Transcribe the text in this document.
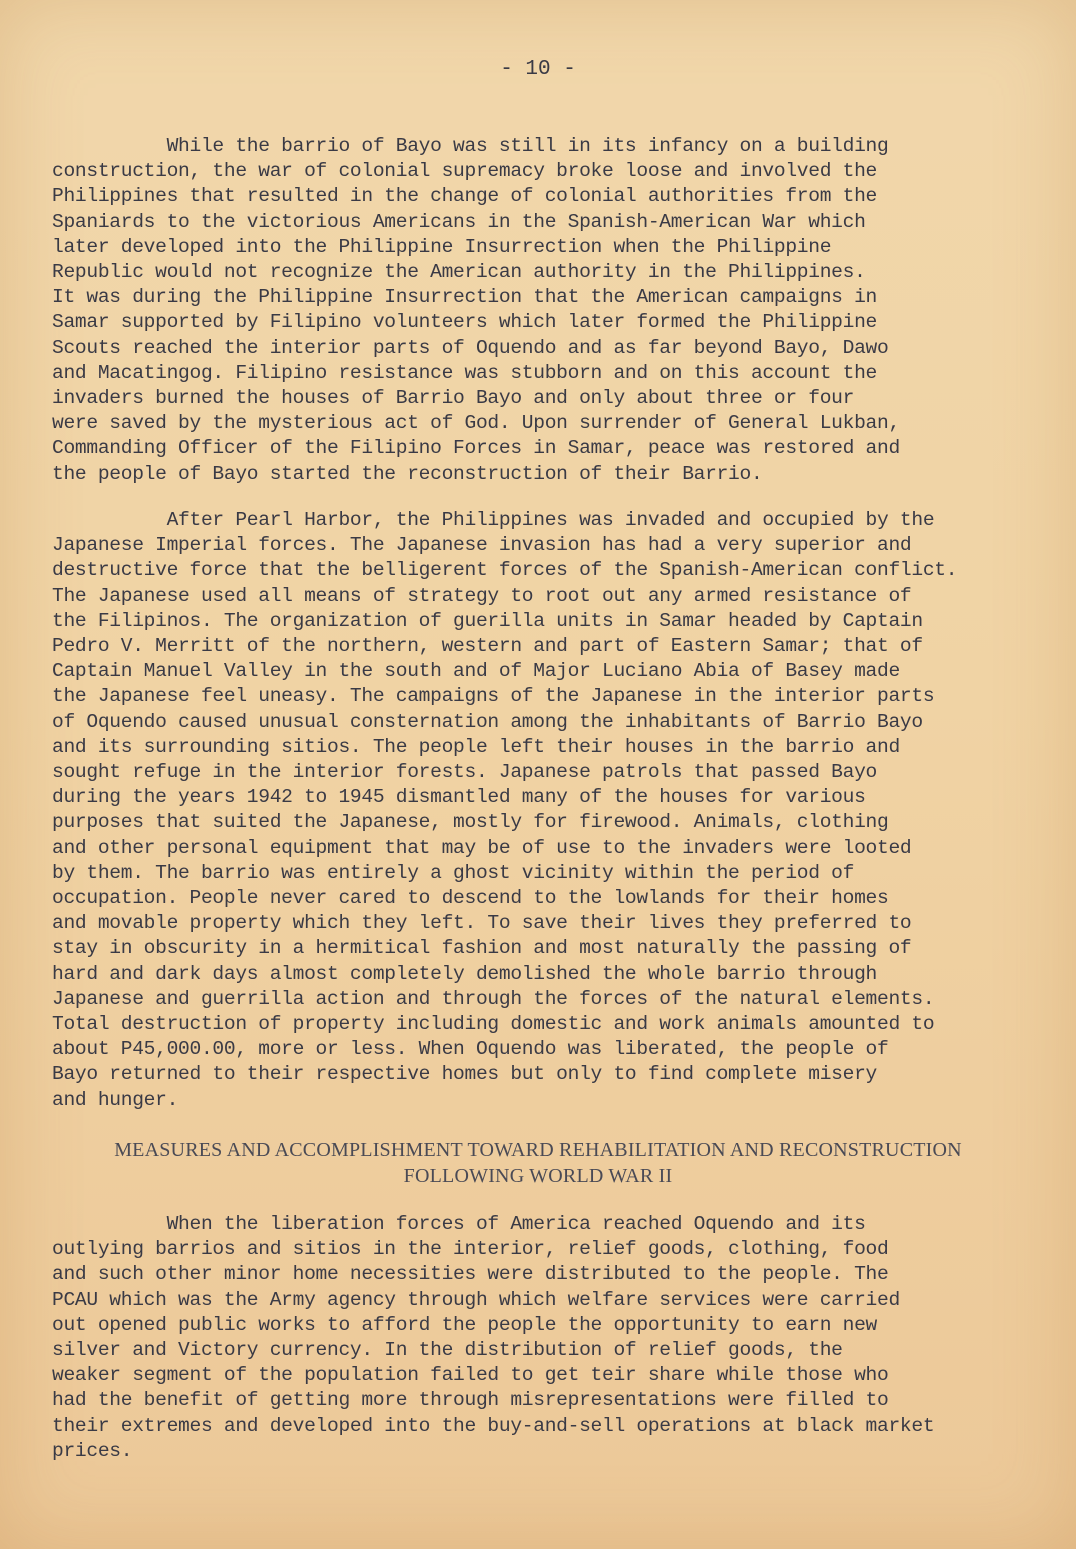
- 10 -

While the barrio of Bayo was still in its infancy on a building
construction, the war of colonial supremacy broke loose and involved the
Philippines that resulted in the change of colonial authorities from the
Spaniards to the victorious Americans in the Spanish-American War which
later developed into the Philippine Insurrection when the Philippine
Republic would not recognize the American authority in the Philippines.
It was during the Philippine Insurrection that the American campaigns in
Samar supported by Filipino volunteers which later formed the Philippine
Scouts reached the interior parts of Oquendo and as far beyond Bayo, Dawo
and Macatingog. Filipino resistance was stubborn and on this account the
invaders burned the houses of Barrio Bayo and only about three or four
were saved by the mysterious act of God. Upon surrender of General Lukban,
Commanding Officer of the Filipino Forces in Samar, peace was restored and
the people of Bayo started the reconstruction of their Barrio.

After Pearl Harbor, the Philippines was invaded and occupied by the
Japanese Imperial forces. The Japanese invasion has had a very superior and
destructive force that the belligerent forces of the Spanish-American conflict.
The Japanese used all means of strategy to root out any armed resistance of
the Filipinos. The organization of guerilla units in Samar headed by Captain
Pedro V. Merritt of the northern, western and part of Eastern Samar; that of
Captain Manuel Valley in the south and of Major Luciano Abia of Basey made
the Japanese feel uneasy. The campaigns of the Japanese in the interior parts
of Oquendo caused unusual consternation among the inhabitants of Barrio Bayo
and its surrounding sitios. The people left their houses in the barrio and
sought refuge in the interior forests. Japanese patrols that passed Bayo
during the years 1942 to 1945 dismantled many of the houses for various
purposes that suited the Japanese, mostly for firewood. Animals, clothing
and other personal equipment that may be of use to the invaders were looted
by them. The barrio was entirely a ghost vicinity within the period of
occupation. People never cared to descend to the lowlands for their homes
and movable property which they left. To save their lives they preferred to
stay in obscurity in a hermitical fashion and most naturally the passing of
hard and dark days almost completely demolished the whole barrio through
Japanese and guerrilla action and through the forces of the natural elements.
Total destruction of property including domestic and work animals amounted to
about P45,000.00, more or less. When Oquendo was liberated, the people of
Bayo returned to their respective homes but only to find complete misery
and hunger.

MEASURES AND ACCOMPLISHMENT TOWARD REHABILITATION AND RECONSTRUCTION
FOLLOWING WORLD WAR II

When the liberation forces of America reached Oquendo and its
outlying barrios and sitios in the interior, relief goods, clothing, food
and such other minor home necessities were distributed to the people. The
PCAU which was the Army agency through which welfare services were carried
out opened public works to afford the people the opportunity to earn new
silver and Victory currency. In the distribution of relief goods, the
weaker segment of the population failed to get teir share while those who
had the benefit of getting more through misrepresentations were filled to
their extremes and developed into the buy-and-sell operations at black market
prices.
